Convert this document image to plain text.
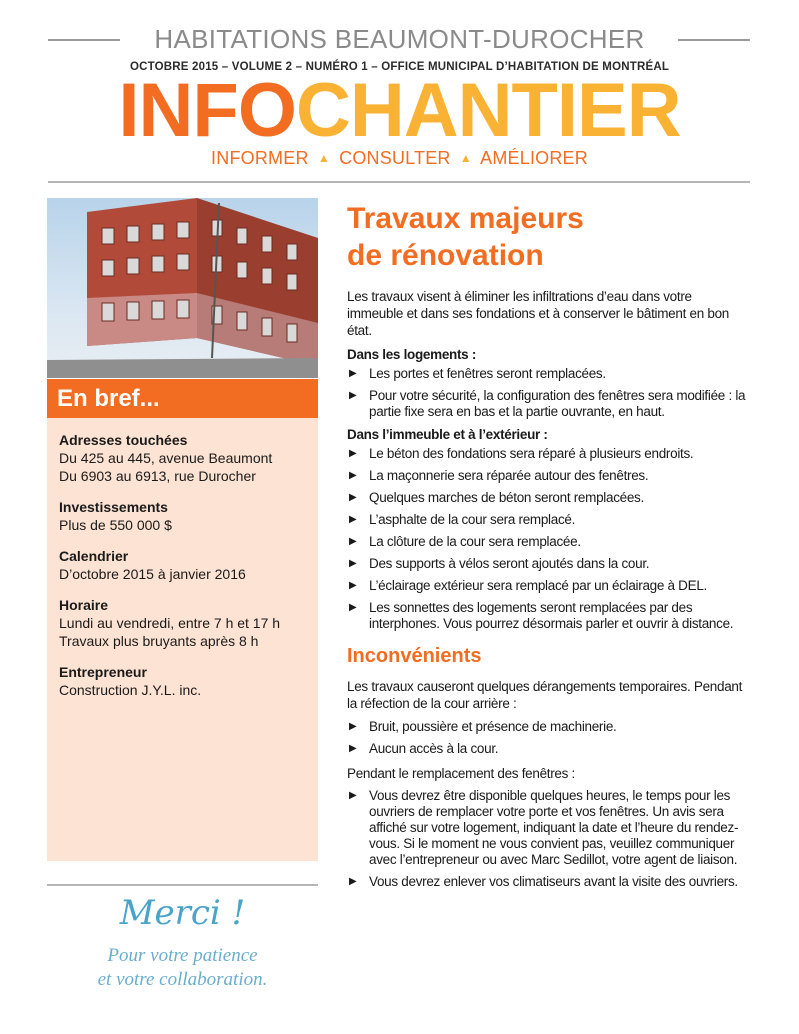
HABITATIONS BEAUMONT-DUROCHER
OCTOBRE 2015 – VOLUME 2 – NUMÉRO 1 – OFFICE MUNICIPAL D’HABITATION DE MONTRÉAL
INFOCHANTIER
INFORMER ▲ CONSULTER ▲ AMÉLIORER
En bref...
Adresses touchées
Du 425 au 445, avenue Beaumont
Du 6903 au 6913, rue Durocher
Investissements
Plus de 550 000 $
Calendrier
D’octobre 2015 à janvier 2016
Horaire
Lundi au vendredi, entre 7 h et 17 h
Travaux plus bruyants après 8 h
Entrepreneur
Construction J.Y.L. inc.
Merci !
Pour votre patience
et votre collaboration.
Travaux majeurs
de rénovation
Les travaux visent à éliminer les infiltrations d’eau dans votre immeuble et dans ses fondations et à conserver le bâtiment en bon état.
Dans les logements :
▶ Les portes et fenêtres seront remplacées.
▶ Pour votre sécurité, la configuration des fenêtres sera modifiée : la partie fixe sera en bas et la partie ouvrante, en haut.
Dans l’immeuble et à l’extérieur :
▶ Le béton des fondations sera réparé à plusieurs endroits.
▶ La maçonnerie sera réparée autour des fenêtres.
▶ Quelques marches de béton seront remplacées.
▶ L’asphalte de la cour sera remplacé.
▶ La clôture de la cour sera remplacée.
▶ Des supports à vélos seront ajoutés dans la cour.
▶ L’éclairage extérieur sera remplacé par un éclairage à DEL.
▶ Les sonnettes des logements seront remplacées par des interphones. Vous pourrez désormais parler et ouvrir à distance.
Inconvénients
Les travaux causeront quelques dérangements temporaires. Pendant la réfection de la cour arrière :
▶ Bruit, poussière et présence de machinerie.
▶ Aucun accès à la cour.
Pendant le remplacement des fenêtres :
▶ Vous devrez être disponible quelques heures, le temps pour les ouvriers de remplacer votre porte et vos fenêtres. Un avis sera affiché sur votre logement, indiquant la date et l’heure du rendez-vous. Si le moment ne vous convient pas, veuillez communiquer avec l’entrepreneur ou avec Marc Sedillot, votre agent de liaison.
▶ Vous devrez enlever vos climatiseurs avant la visite des ouvriers.
